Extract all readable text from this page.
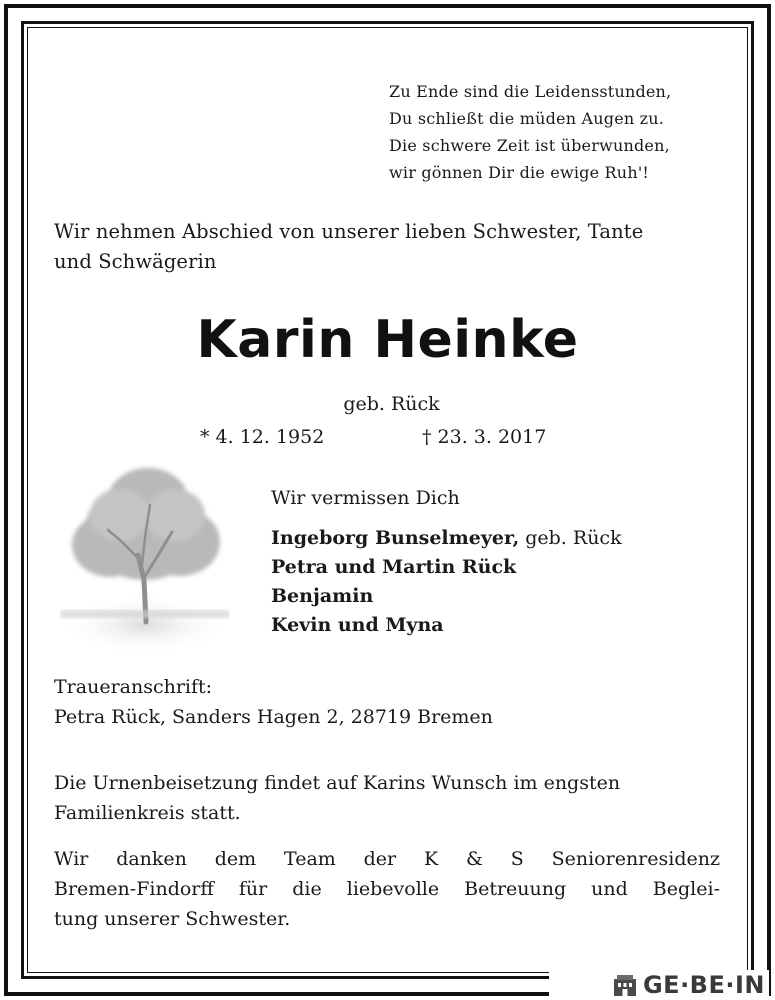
Zu Ende sind die Leidensstunden,
Du schließt die müden Augen zu.
Die schwere Zeit ist überwunden,
wir gönnen Dir die ewige Ruh'!
Wir nehmen Abschied von unserer lieben Schwester, Tante
und Schwägerin
Karin Heinke
geb. Rück
* 4. 12. 1952	† 23. 3. 2017
Wir vermissen Dich
Ingeborg Bunselmeyer, geb. Rück
Petra und Martin Rück
Benjamin
Kevin und Myna
Traueranschrift:
Petra Rück, Sanders Hagen 2, 28719 Bremen
Die Urnenbeisetzung findet auf Karins Wunsch im engsten
Familienkreis statt.
Wir danken dem Team der K & S Seniorenresidenz
Bremen-Findorff für die liebevolle Betreuung und Beglei-
tung unserer Schwester.
GE·BE·IN
